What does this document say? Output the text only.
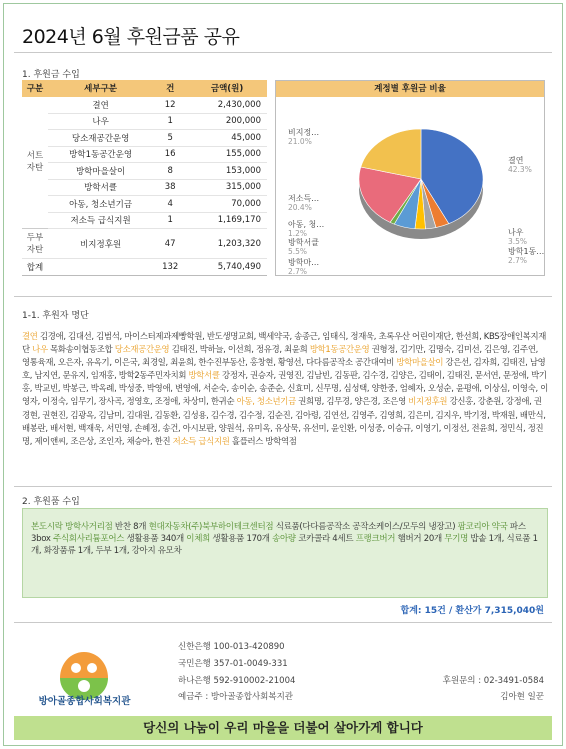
2024년 6월 후원금품 공유
1. 후원금 수입
구분	세부구분	건	금액(원)
서트자탄	결연	12	2,430,000
	나우	1	200,000
	당소재공간운영	5	45,000
	방학1동공간운영	16	155,000
	방학마을살이	8	153,000
	방학서클	38	315,000
	아동, 청소년기금	4	70,000
	저소득 급식지원	1	1,169,170
두부자탄	비지정후원	47	1,203,320
합계		132	5,740,490
계정별 후원금 비율
결연
42.3%
나우
3.5%
방학1동…
2.7%
방학마…
2.7%
방학서클
5.5%
아동, 청…
1.2%
저소득…
20.4%
비지정…
21.0%
1-1. 후원자 명단
결연 김경애, 김대선, 김범석, 마이스터제과제빵학원, 반도생명교회, 백세약국, 송종근, 임태식, 정재욱, 초록우산 어린이재단, 한선희, KBS장애인복지재단 나우 목화송이협동조합 당소재공간운영 김태진, 박하늘, 이선희, 정유경, 최윤희 방학1동공간운영 권형정, 김기만, 김명숙, 김미선, 김은영, 김주연, 영통육재, 오은자, 유옥기, 이은국, 최경일, 최윤희, 한수진부동산, 홍창현, 황영선, 다다름공작소 공간대여비 방학마을살이 강은선, 김자희, 김태진, 남영호, 남지연, 문유지, 임재홍, 방학2동주민자치회 방학서클 강정자, 권승자, 권영진, 김남빈, 김동판, 김수경, 김양은, 김태이, 김태진, 문서연, 문정애, 박기홍, 박교빈, 박봉근, 박옥례, 박성중, 박영애, 변영애, 서순숙, 송이순, 송준순, 신효미, 신무명, 심성택, 양한중, 엄혜자, 오성순, 윤평애, 이상심, 이영숙, 이영자, 이정숙, 임무기, 장사곡, 정영호, 조정애, 차상미, 한귀순 아동, 청소년기금 권희명, 김무경, 양은경, 조은영 비지정후원 강신홍, 강춘원, 강정애, 권경현, 권현진, 김광옥, 김남미, 김대원, 김동환, 김성용, 김수경, 김수정, 김순진, 김아령, 김연선, 김영주, 김영희, 김은미, 김지우, 박기정, 박재원, 배만식, 배봉란, 배서현, 백재욱, 서민영, 손혜정, 송건, 아시보판, 양원석, 유미옥, 유상묵, 유선미, 윤인환, 이성중, 이승규, 이영기, 이정선, 전윤희, 정민식, 정진명, 제이앤씨, 조은상, 조인자, 채승아, 한진 저소득 급식지원 흘플러스 방학역점
2. 후원품 수입
본도시락 방학사거리점 반찬 8개 현대자동차(주)북부하이테크센터점 식료품(다다름공작소 공작소케이스/모두의 냉장고) 팜코리아 약국 파스 3box 주식회사리튬포어스 생활용품 340개 이체희 생활용품 170개 송아량 코카콜라 4세트 프랭크버거 햄버거 20개 무기명 밥솥 1개, 식료품 1개, 화장품류 1개, 두부 1개, 강아지 유모차
합계: 15건 / 환산가 7,315,040원
방아골종합사회복지관
신한은행 100-013-420890
국민은행 357-01-0049-331
하나은행 592-910002-21004
예금주 : 방아골종합사회복지관
후원문의 : 02-3491-0584
김아현 일꾼
당신의 나눔이 우리 마을을 더불어 살아가게 합니다
